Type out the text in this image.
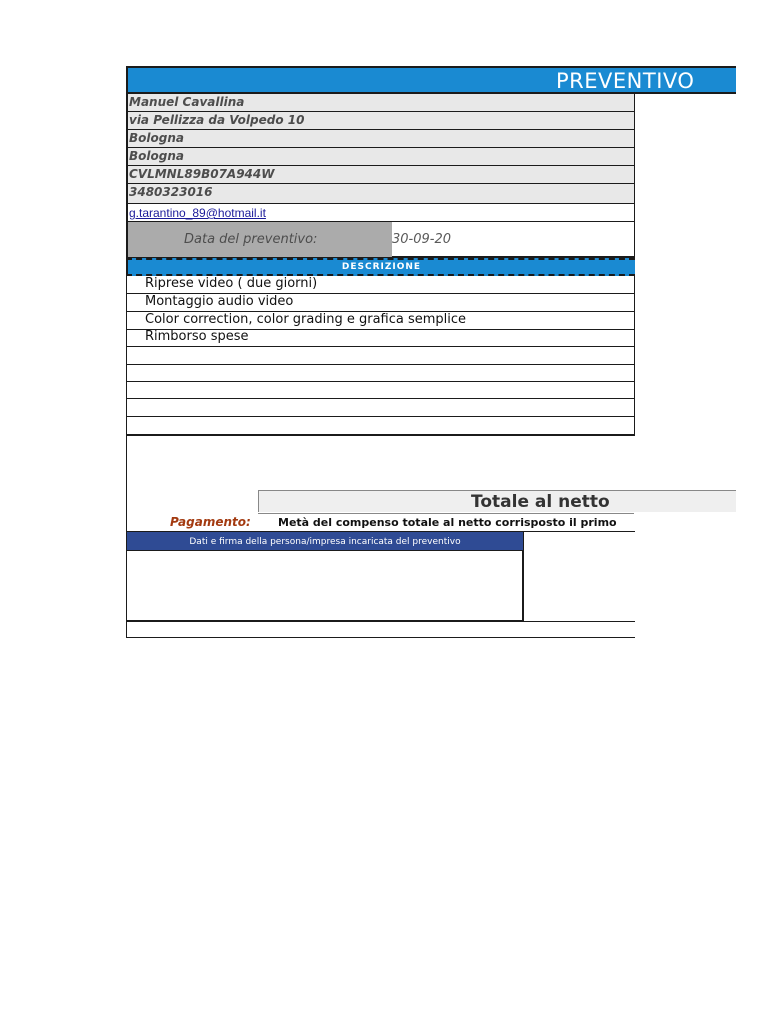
PREVENTIVO
Manuel Cavallina
via Pellizza da Volpedo 10
Bologna
Bologna
CVLMNL89B07A944W
3480323016
g.tarantino_89@hotmail.it
Data del preventivo:	30-09-20
DESCRIZIONE
Riprese video ( due giorni)
Montaggio audio video
Color correction, color grading e grafica semplice
Rimborso spese
Totale al netto
Pagamento:	Metà del compenso totale al netto corrisposto il primo
Dati e firma della persona/impresa incaricata del preventivo
